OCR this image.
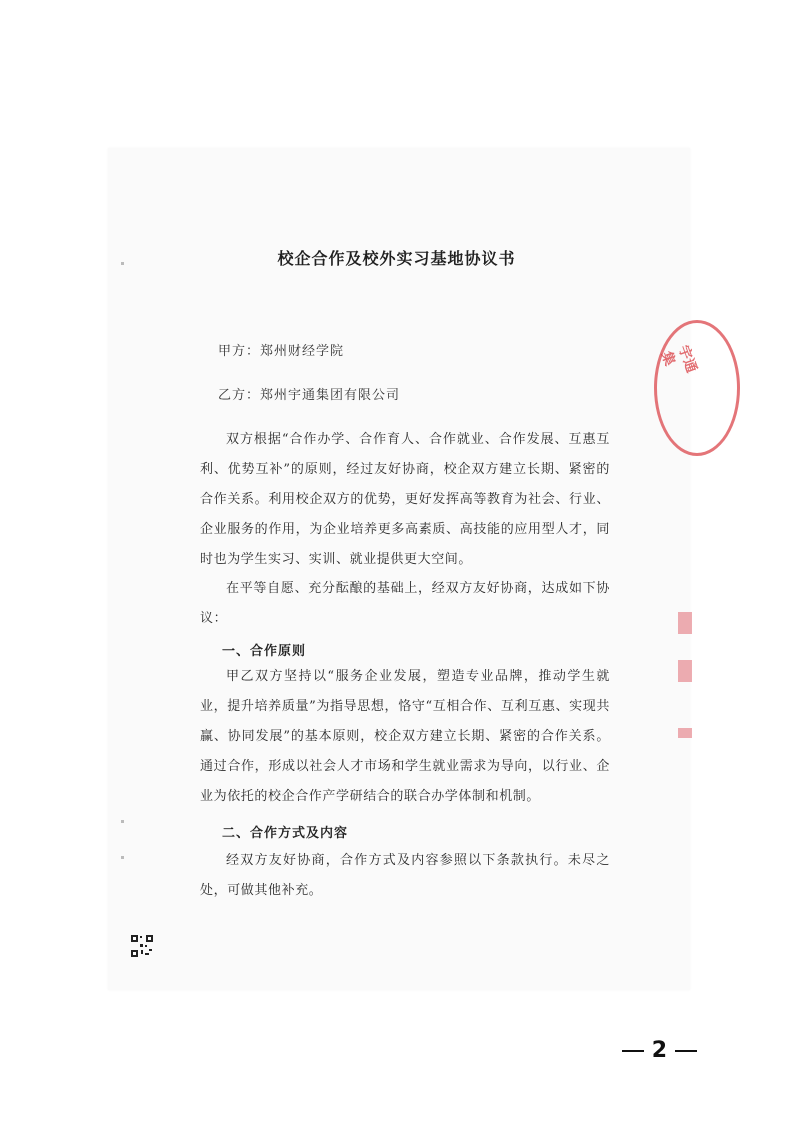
宇通集
校企合作及校外实习基地协议书
甲方：郑州财经学院
乙方：郑州宇通集团有限公司

双方根据“合作办学、合作育人、合作就业、合作发展、互惠互利、优势互补”的原则，经过友好协商，校企双方建立长期、紧密的合作关系。利用校企双方的优势，更好发挥高等教育为社会、行业、企业服务的作用，为企业培养更多高素质、高技能的应用型人才，同时也为学生实习、实训、就业提供更大空间。

在平等自愿、充分酝酿的基础上，经双方友好协商，达成如下协议：

一、合作原则

甲乙双方坚持以“服务企业发展，塑造专业品牌，推动学生就业，提升培养质量”为指导思想，恪守“互相合作、互利互惠、实现共赢、协同发展”的基本原则，校企双方建立长期、紧密的合作关系。通过合作，形成以社会人才市场和学生就业需求为导向，以行业、企业为依托的校企合作产学研结合的联合办学体制和机制。

二、合作方式及内容

经双方友好协商，合作方式及内容参照以下条款执行。未尽之处，可做其他补充。

2
